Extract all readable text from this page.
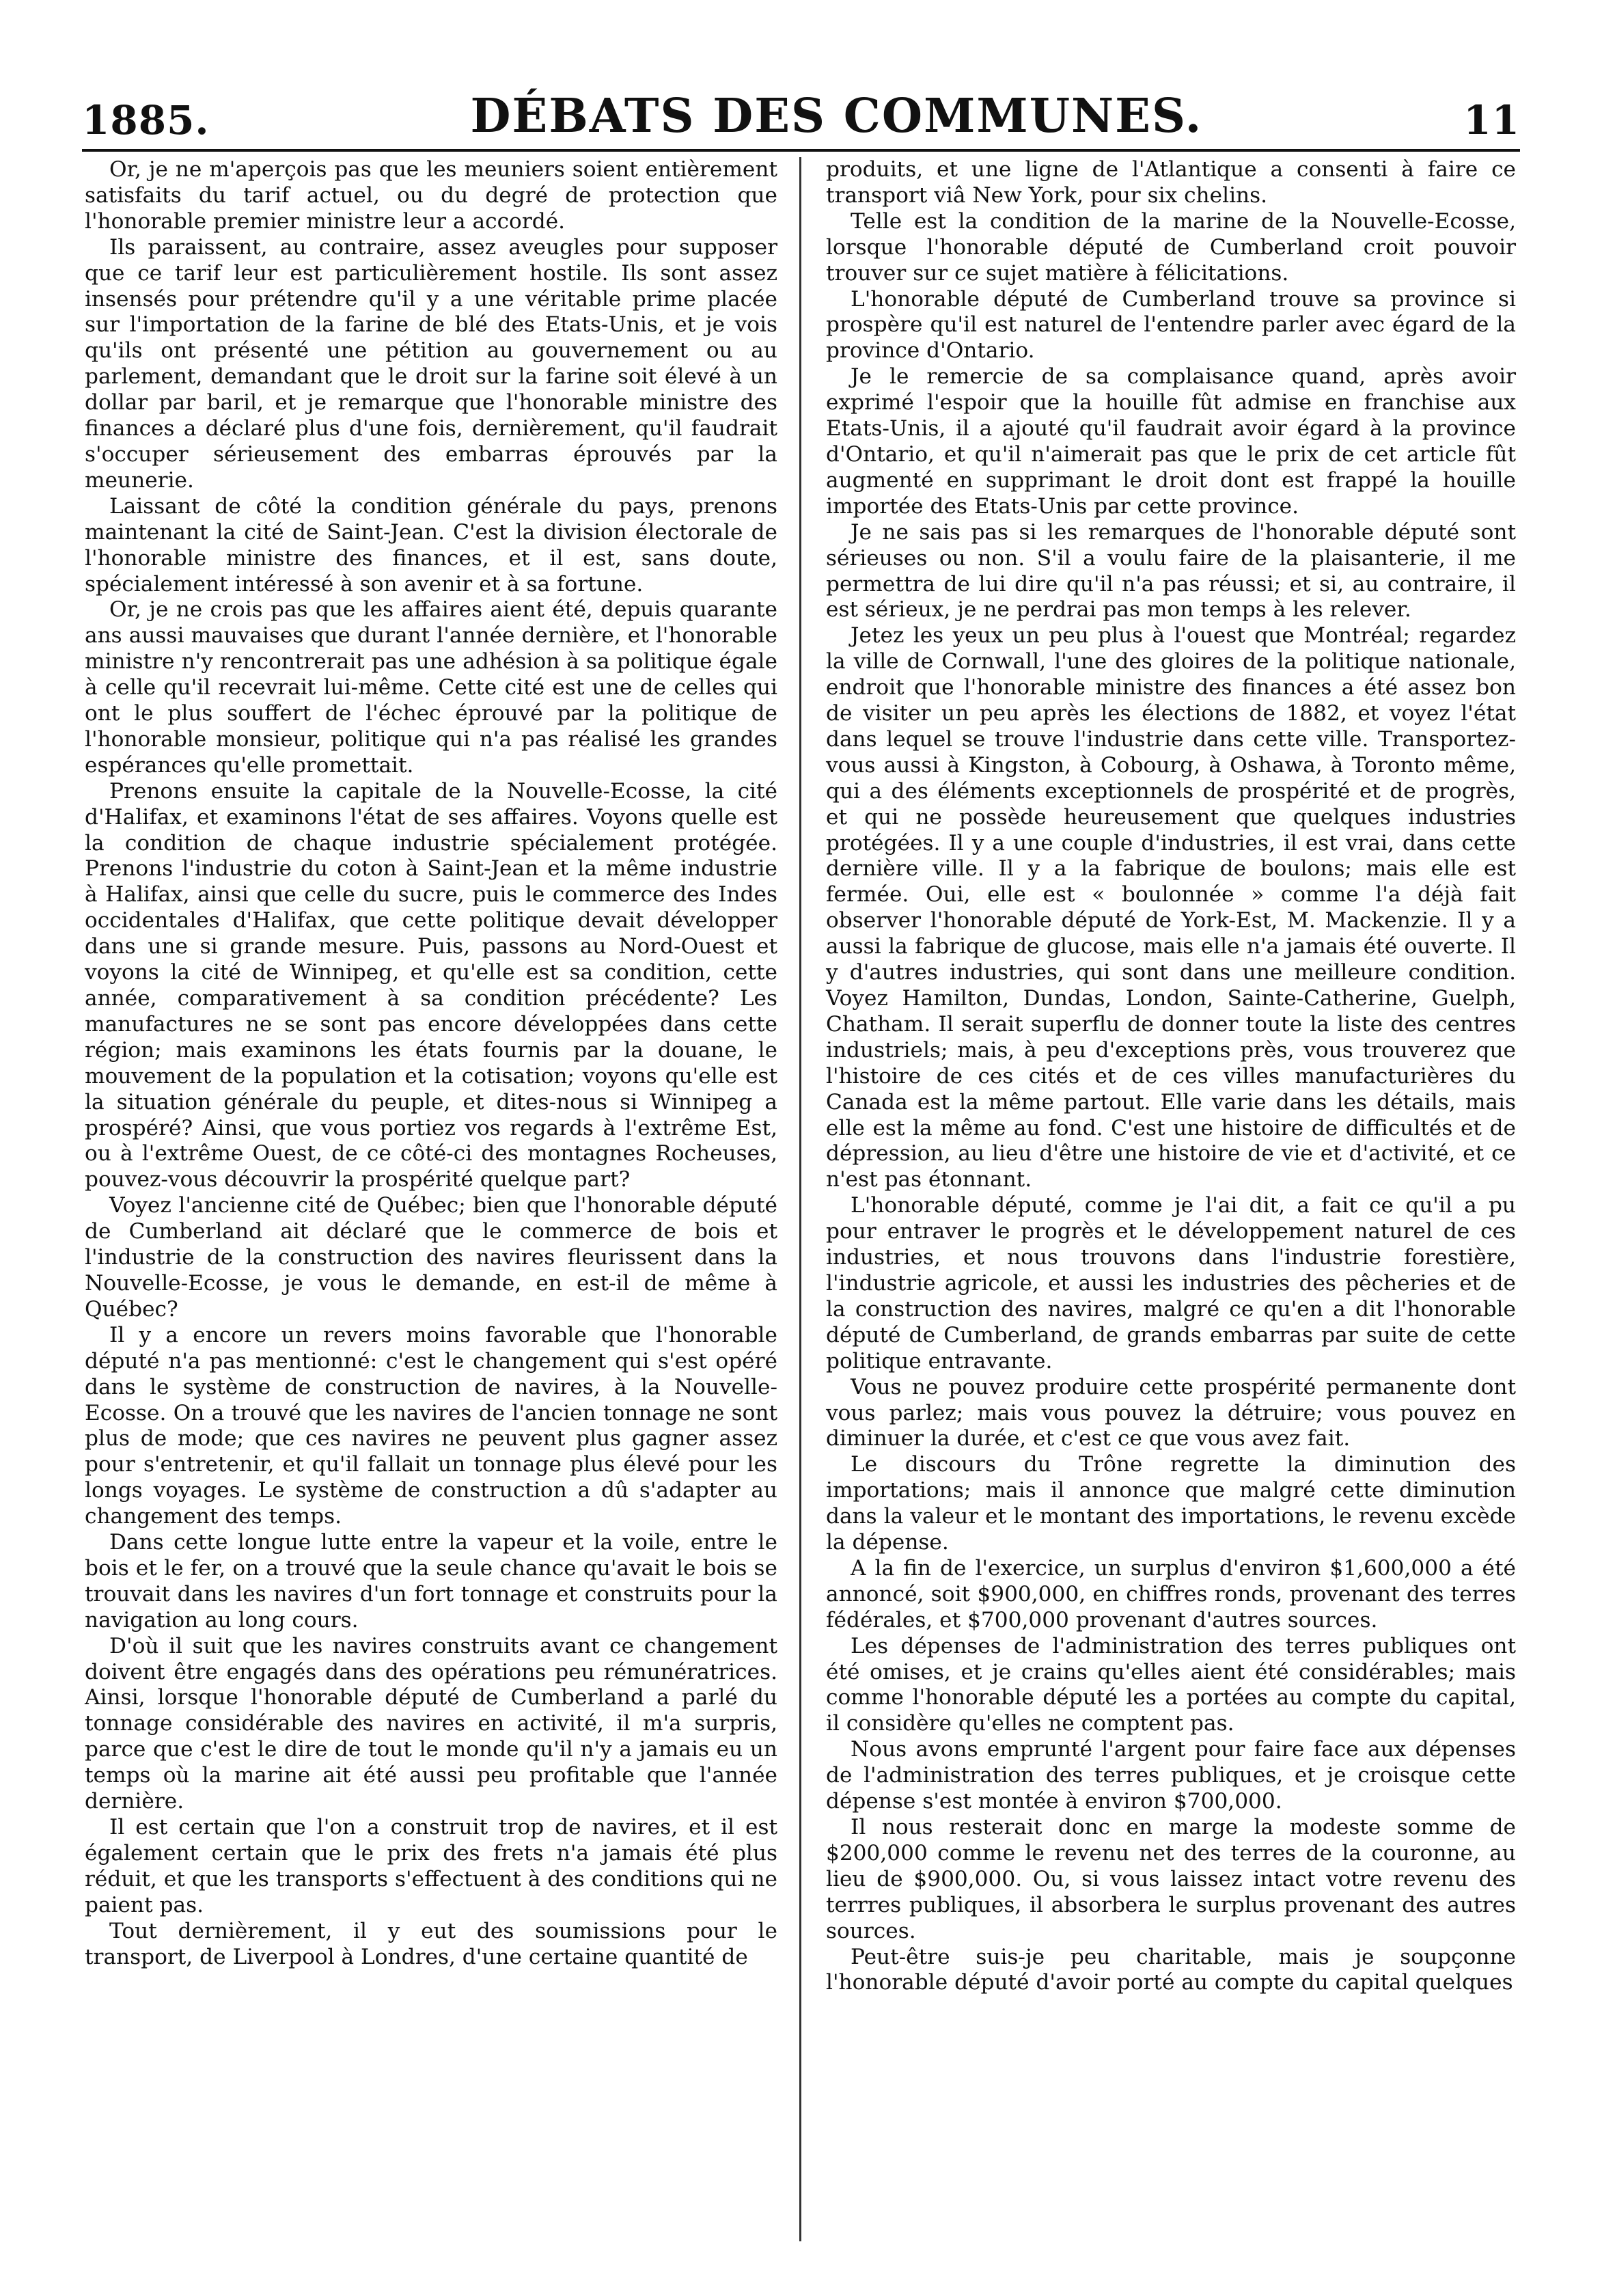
1885.	DÉBATS DES COMMUNES.	11

Or, je ne m'aperçois pas que les meuniers soient entièrement satisfaits du tarif actuel, ou du degré de protection que l'honorable premier ministre leur a accordé.

Ils paraissent, au contraire, assez aveugles pour supposer que ce tarif leur est particulièrement hostile. Ils sont assez insensés pour prétendre qu'il y a une véritable prime placée sur l'importation de la farine de blé des Etats-Unis, et je vois qu'ils ont présenté une pétition au gouvernement ou au parlement, demandant que le droit sur la farine soit élevé à un dollar par baril, et je remarque que l'honorable ministre des finances a déclaré plus d'une fois, dernièrement, qu'il faudrait s'occuper sérieusement des embarras éprouvés par la meunerie.

Laissant de côté la condition générale du pays, prenons maintenant la cité de Saint-Jean. C'est la division électorale de l'honorable ministre des finances, et il est, sans doute, spécialement intéressé à son avenir et à sa fortune.

Or, je ne crois pas que les affaires aient été, depuis quarante ans aussi mauvaises que durant l'année dernière, et l'honorable ministre n'y rencontrerait pas une adhésion à sa politique égale à celle qu'il recevrait lui-même. Cette cité est une de celles qui ont le plus souffert de l'échec éprouvé par la politique de l'honorable monsieur, politique qui n'a pas réalisé les grandes espérances qu'elle promettait.

Prenons ensuite la capitale de la Nouvelle-Ecosse, la cité d'Halifax, et examinons l'état de ses affaires. Voyons quelle est la condition de chaque industrie spécialement protégée. Prenons l'industrie du coton à Saint-Jean et la même industrie à Halifax, ainsi que celle du sucre, puis le commerce des Indes occidentales d'Halifax, que cette politique devait développer dans une si grande mesure. Puis, passons au Nord-Ouest et voyons la cité de Winnipeg, et qu'elle est sa condition, cette année, comparativement à sa condition précédente? Les manufactures ne se sont pas encore développées dans cette région; mais examinons les états fournis par la douane, le mouvement de la population et la cotisation; voyons qu'elle est la situation générale du peuple, et dites-nous si Winnipeg a prospéré? Ainsi, que vous portiez vos regards à l'extrême Est, ou à l'extrême Ouest, de ce côté-ci des montagnes Rocheuses, pouvez-vous découvrir la prospérité quelque part?

Voyez l'ancienne cité de Québec; bien que l'honorable député de Cumberland ait déclaré que le commerce de bois et l'industrie de la construction des navires fleurissent dans la Nouvelle-Ecosse, je vous le demande, en est-il de même à Québec?

Il y a encore un revers moins favorable que l'honorable député n'a pas mentionné: c'est le changement qui s'est opéré dans le système de construction de navires, à la Nouvelle-Ecosse. On a trouvé que les navires de l'ancien tonnage ne sont plus de mode; que ces navires ne peuvent plus gagner assez pour s'entretenir, et qu'il fallait un tonnage plus élevé pour les longs voyages. Le système de construction a dû s'adapter au changement des temps.

Dans cette longue lutte entre la vapeur et la voile, entre le bois et le fer, on a trouvé que la seule chance qu'avait le bois se trouvait dans les navires d'un fort tonnage et construits pour la navigation au long cours.

D'où il suit que les navires construits avant ce changement doivent être engagés dans des opérations peu rémunératrices. Ainsi, lorsque l'honorable député de Cumberland a parlé du tonnage considérable des navires en activité, il m'a surpris, parce que c'est le dire de tout le monde qu'il n'y a jamais eu un temps où la marine ait été aussi peu profitable que l'année dernière.

Il est certain que l'on a construit trop de navires, et il est également certain que le prix des frets n'a jamais été plus réduit, et que les transports s'effectuent à des conditions qui ne paient pas.

Tout dernièrement, il y eut des soumissions pour le transport, de Liverpool à Londres, d'une certaine quantité de

produits, et une ligne de l'Atlantique a consenti à faire ce transport viâ New York, pour six chelins.

Telle est la condition de la marine de la Nouvelle-Ecosse, lorsque l'honorable député de Cumberland croit pouvoir trouver sur ce sujet matière à félicitations.

L'honorable député de Cumberland trouve sa province si prospère qu'il est naturel de l'entendre parler avec égard de la province d'Ontario.

Je le remercie de sa complaisance quand, après avoir exprimé l'espoir que la houille fût admise en franchise aux Etats-Unis, il a ajouté qu'il faudrait avoir égard à la province d'Ontario, et qu'il n'aimerait pas que le prix de cet article fût augmenté en supprimant le droit dont est frappé la houille importée des Etats-Unis par cette province.

Je ne sais pas si les remarques de l'honorable député sont sérieuses ou non. S'il a voulu faire de la plaisanterie, il me permettra de lui dire qu'il n'a pas réussi; et si, au contraire, il est sérieux, je ne perdrai pas mon temps à les relever.

Jetez les yeux un peu plus à l'ouest que Montréal; regardez la ville de Cornwall, l'une des gloires de la politique nationale, endroit que l'honorable ministre des finances a été assez bon de visiter un peu après les élections de 1882, et voyez l'état dans lequel se trouve l'industrie dans cette ville. Transportez-vous aussi à Kingston, à Cobourg, à Oshawa, à Toronto même, qui a des éléments exceptionnels de prospérité et de progrès, et qui ne possède heureusement que quelques industries protégées. Il y a une couple d'industries, il est vrai, dans cette dernière ville. Il y a la fabrique de boulons; mais elle est fermée. Oui, elle est « boulonnée » comme l'a déjà fait observer l'honorable député de York-Est, M. Mackenzie. Il y a aussi la fabrique de glucose, mais elle n'a jamais été ouverte. Il y d'autres industries, qui sont dans une meilleure condition. Voyez Hamilton, Dundas, London, Sainte-Catherine, Guelph, Chatham. Il serait superflu de donner toute la liste des centres industriels; mais, à peu d'exceptions près, vous trouverez que l'histoire de ces cités et de ces villes manufacturières du Canada est la même partout. Elle varie dans les détails, mais elle est la même au fond. C'est une histoire de difficultés et de dépression, au lieu d'être une histoire de vie et d'activité, et ce n'est pas étonnant.

L'honorable député, comme je l'ai dit, a fait ce qu'il a pu pour entraver le progrès et le développement naturel de ces industries, et nous trouvons dans l'industrie forestière, l'industrie agricole, et aussi les industries des pêcheries et de la construction des navires, malgré ce qu'en a dit l'honorable député de Cumberland, de grands embarras par suite de cette politique entravante.

Vous ne pouvez produire cette prospérité permanente dont vous parlez; mais vous pouvez la détruire; vous pouvez en diminuer la durée, et c'est ce que vous avez fait.

Le discours du Trône regrette la diminution des importations; mais il annonce que malgré cette diminution dans la valeur et le montant des importations, le revenu excède la dépense.

A la fin de l'exercice, un surplus d'environ $1,600,000 a été annoncé, soit $900,000, en chiffres ronds, provenant des terres fédérales, et $700,000 provenant d'autres sources.

Les dépenses de l'administration des terres publiques ont été omises, et je crains qu'elles aient été considérables; mais comme l'honorable député les a portées au compte du capital, il considère qu'elles ne comptent pas.

Nous avons emprunté l'argent pour faire face aux dépenses de l'administration des terres publiques, et je croisque cette dépense s'est montée à environ $700,000.

Il nous resterait donc en marge la modeste somme de $200,000 comme le revenu net des terres de la couronne, au lieu de $900,000. Ou, si vous laissez intact votre revenu des terrres publiques, il absorbera le surplus provenant des autres sources.

Peut-être suis-je peu charitable, mais je soupçonne l'honorable député d'avoir porté au compte du capital quelques
